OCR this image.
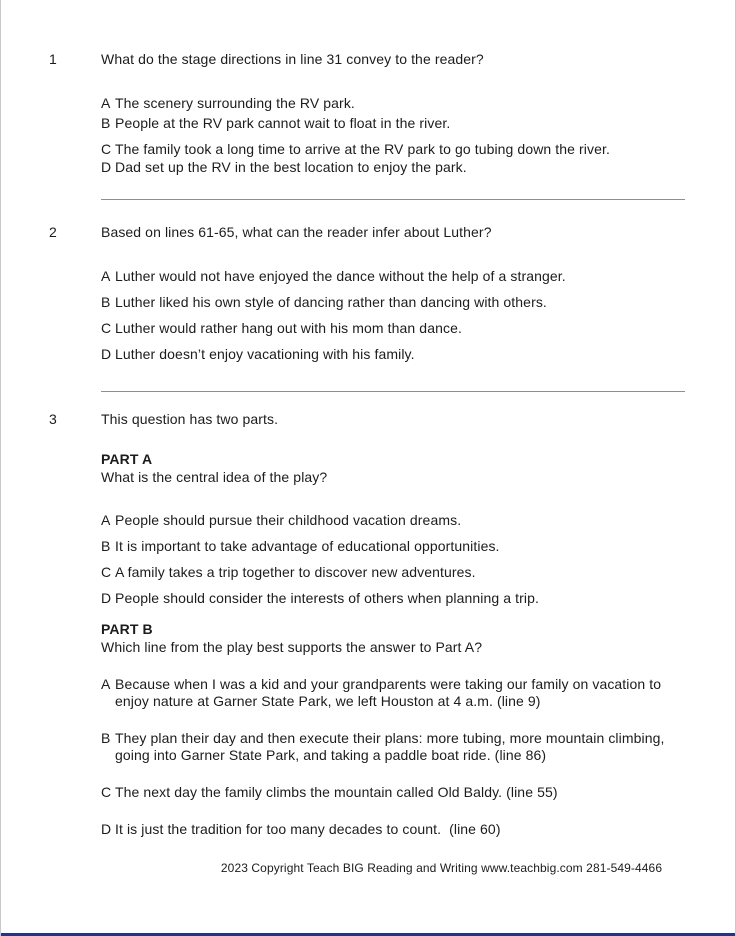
1	What do the stage directions in line 31 convey to the reader?

A The scenery surrounding the RV park.
B People at the RV park cannot wait to float in the river.
C The family took a long time to arrive at the RV park to go tubing down the river.
D Dad set up the RV in the best location to enjoy the park.
2	Based on lines 61-65, what can the reader infer about Luther?

A Luther would not have enjoyed the dance without the help of a stranger.
B Luther liked his own style of dancing rather than dancing with others.
C Luther would rather hang out with his mom than dance.
D Luther doesn’t enjoy vacationing with his family.
3	This question has two parts.

PART A

What is the central idea of the play?

A People should pursue their childhood vacation dreams.
B It is important to take advantage of educational opportunities.
C A family takes a trip together to discover new adventures.
D People should consider the interests of others when planning a trip.

PART B

Which line from the play best supports the answer to Part A?

A Because when I was a kid and your grandparents were taking our family on vacation to enjoy nature at Garner State Park, we left Houston at 4 a.m. (line 9)
B They plan their day and then execute their plans: more tubing, more mountain climbing, going into Garner State Park, and taking a paddle boat ride. (line 86)
C The next day the family climbs the mountain called Old Baldy. (line 55)
D It is just the tradition for too many decades to count.  (line 60)
2023 Copyright Teach BIG Reading and Writing www.teachbig.com 281-549-4466
